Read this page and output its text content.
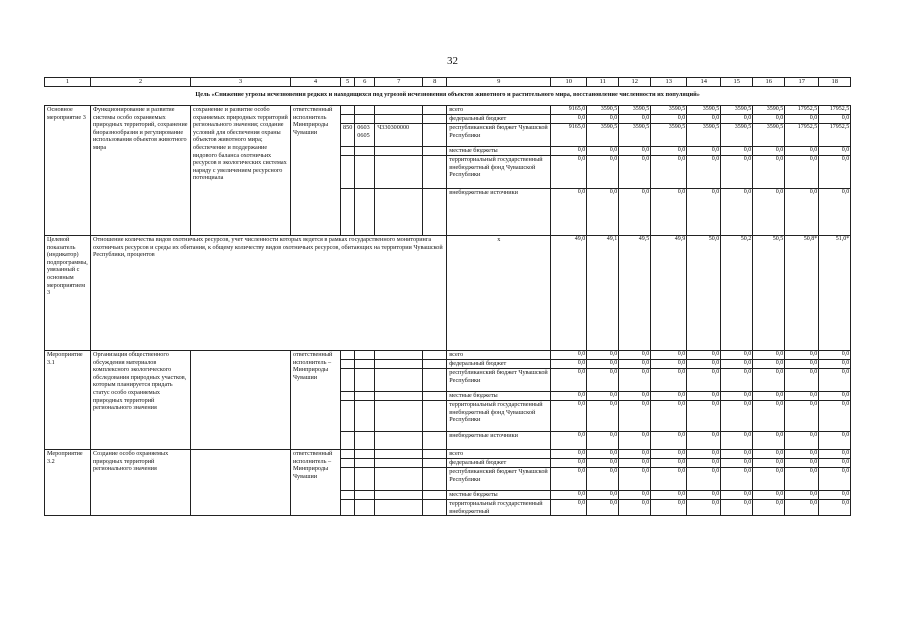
32
1	2	3	4	5	6	7	8	9	10	11	12	13	14	15	16	17	18
Цель «Снижение угрозы исчезновения редких и находящихся под угрозой исчезновения объектов животного и растительного мира, восстановление численности их популяций»																	

Основное мероприятие 3	Функционирование и развитие системы особо охраняемых природных территорий, сохранение биоразнообразия и регулирование использования объектов животного мира	сохранение и развитие особо охраняемых природных территорий регионального значения; создание условий для обеспечения охраны объектов животного мира; обеспечение и поддержание видового баланса охотничьих ресурсов в экологических системах наряду с увеличением ресурсного потенциала	ответственный исполнитель Минприроды Чувашии					всего	9165,0	3590,5	3590,5	3590,5	3590,5	3590,5	3590,5	17952,5	17952,5
								федеральный бюджет	0,0	0,0	0,0	0,0	0,0	0,0	0,0	0,0	0,0
				850	0603 0605	Ч330300000		республиканский бюджет Чувашской Республики	9165,0	3590,5	3590,5	3590,5	3590,5	3590,5	3590,5	17952,5	17952,5
								местные бюджеты	0,0	0,0	0,0	0,0	0,0	0,0	0,0	0,0	0,0
								территориальный государственный внебюджетный фонд Чувашской Республики	0,0	0,0	0,0	0,0	0,0	0,0	0,0	0,0	0,0
								внебюджетные источники	0,0	0,0	0,0	0,0	0,0	0,0	0,0	0,0	0,0
Целевой показатель (индикатор) подпрограммы, увязанный с основным мероприятием 3	Отношение количества видов охотничьих ресурсов, учет численности которых ведется в рамках государственного мониторинга охотничьих ресурсов и среды их обитания, к общему количеству видов охотничьих ресурсов, обитающих на территории Чувашской Республики, процентов							x	49,0	49,1	49,5	49,9	50,0	50,2	50,5	50,8*	51,0*
Мероприятие 3.1	Организация общественного обсуждения материалов комплексного экологического обследования природных участков, которым планируется придать статус особо охраняемых природных территорий регионального значения		ответственный исполнитель – Минприроды Чувашии					всего	0,0	0,0	0,0	0,0	0,0	0,0	0,0	0,0	0,0
								федеральный бюджет	0,0	0,0	0,0	0,0	0,0	0,0	0,0	0,0	0,0
								республиканский бюджет Чувашской Республики	0,0	0,0	0,0	0,0	0,0	0,0	0,0	0,0	0,0
								местные бюджеты	0,0	0,0	0,0	0,0	0,0	0,0	0,0	0,0	0,0
								территориальный государственный внебюджетный фонд Чувашской Республики	0,0	0,0	0,0	0,0	0,0	0,0	0,0	0,0	0,0
								внебюджетные источники	0,0	0,0	0,0	0,0	0,0	0,0	0,0	0,0	0,0
Мероприятие 3.2	Создание особо охраняемых природных территорий регионального значения		ответственный исполнитель – Минприроды Чувашии					всего	0,0	0,0	0,0	0,0	0,0	0,0	0,0	0,0	0,0
								федеральный бюджет	0,0	0,0	0,0	0,0	0,0	0,0	0,0	0,0	0,0
								республиканский бюджет Чувашской Республики	0,0	0,0	0,0	0,0	0,0	0,0	0,0	0,0	0,0
								местные бюджеты	0,0	0,0	0,0	0,0	0,0	0,0	0,0	0,0	0,0
								территориальный государственный внебюджетный	0,0	0,0	0,0	0,0	0,0	0,0	0,0	0,0	0,0
